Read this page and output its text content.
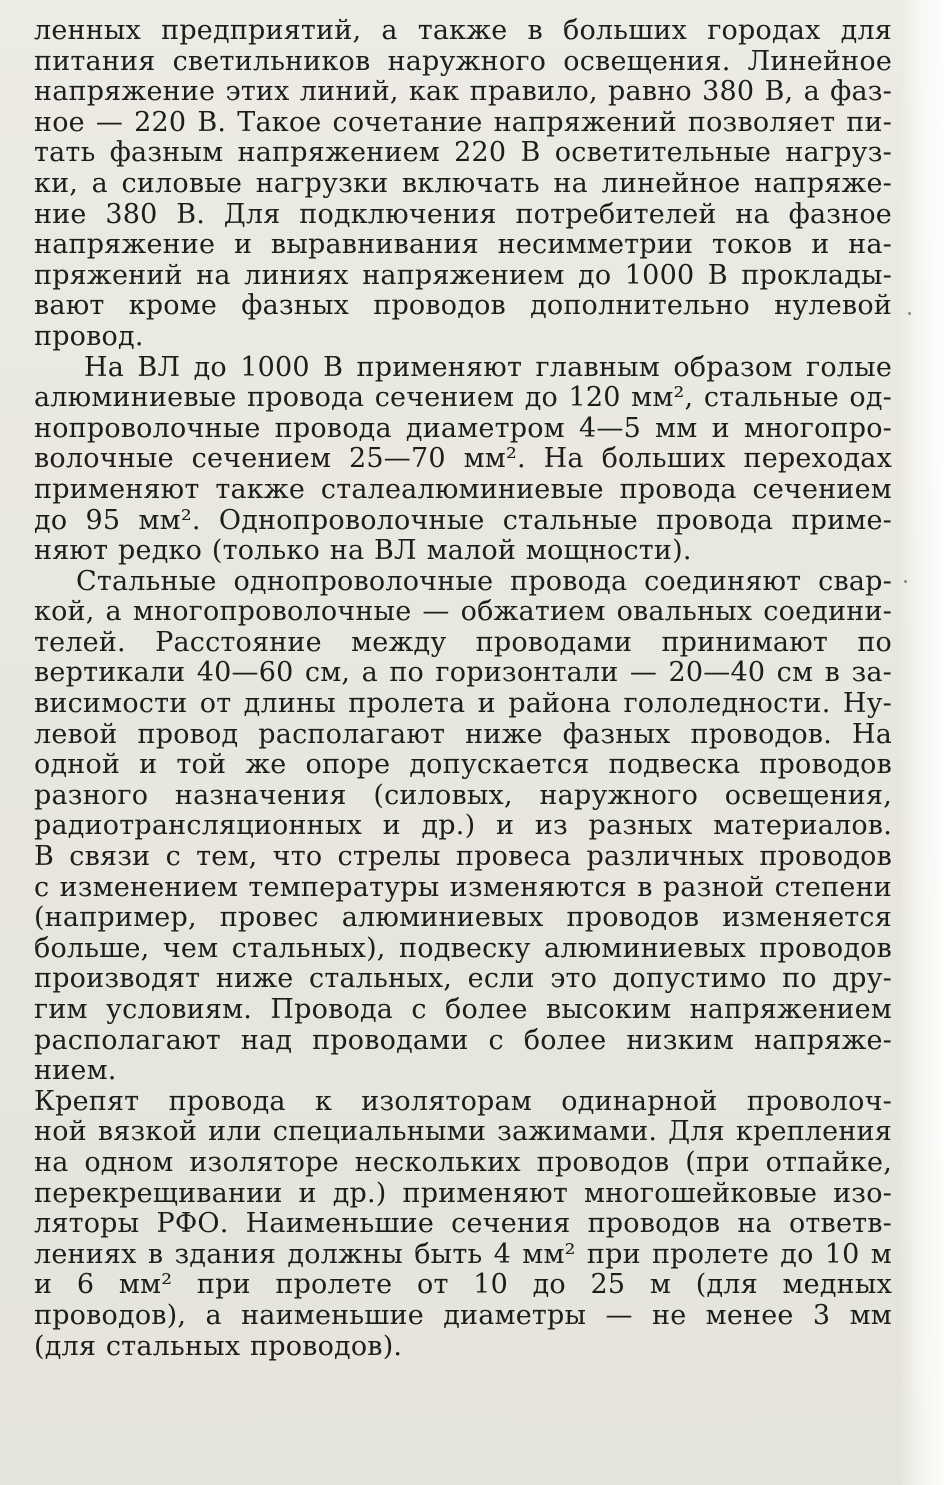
ленных предприятий, а также в больших городах для
питания светильников наружного освещения. Линейное
напряжение этих линий, как правило, равно 380 В, а фаз-
ное — 220 В. Такое сочетание напряжений позволяет пи-
тать фазным напряжением 220 В осветительные нагруз-
ки, а силовые нагрузки включать на линейное напряже-
ние 380 В. Для подключения потребителей на фазное
напряжение и выравнивания несимметрии токов и на-
пряжений на линиях напряжением до 1000 В проклады-
вают кроме фазных проводов дополнительно нулевой
провод.
На ВЛ до 1000 В применяют главным образом голые
алюминиевые провода сечением до 120 мм², стальные од-
нопроволочные провода диаметром 4—5 мм и многопро-
волочные сечением 25—70 мм². На больших переходах
применяют также сталеалюминиевые провода сечением
до 95 мм². Однопроволочные стальные провода приме-
няют редко (только на ВЛ малой мощности).
Стальные однопроволочные провода соединяют свар-
кой, а многопроволочные — обжатием овальных соедини-
телей. Расстояние между проводами принимают по
вертикали 40—60 см, а по горизонтали — 20—40 см в за-
висимости от длины пролета и района гололедности. Ну-
левой провод располагают ниже фазных проводов. На
одной и той же опоре допускается подвеска проводов
разного назначения (силовых, наружного освещения,
радиотрансляционных и др.) и из разных материалов.
В связи с тем, что стрелы провеса различных проводов
с изменением температуры изменяются в разной степени
(например, провес алюминиевых проводов изменяется
больше, чем стальных), подвеску алюминиевых проводов
производят ниже стальных, если это допустимо по дру-
гим условиям. Провода с более высоким напряжением
располагают над проводами с более низким напряже-
нием.
Крепят провода к изоляторам одинарной проволоч-
ной вязкой или специальными зажимами. Для крепления
на одном изоляторе нескольких проводов (при отпайке,
перекрещивании и др.) применяют многошейковые изо-
ляторы РФО. Наименьшие сечения проводов на ответв-
лениях в здания должны быть 4 мм² при пролете до 10 м
и 6 мм² при пролете от 10 до 25 м (для медных
проводов), а наименьшие диаметры — не менее 3 мм
(для стальных проводов).
